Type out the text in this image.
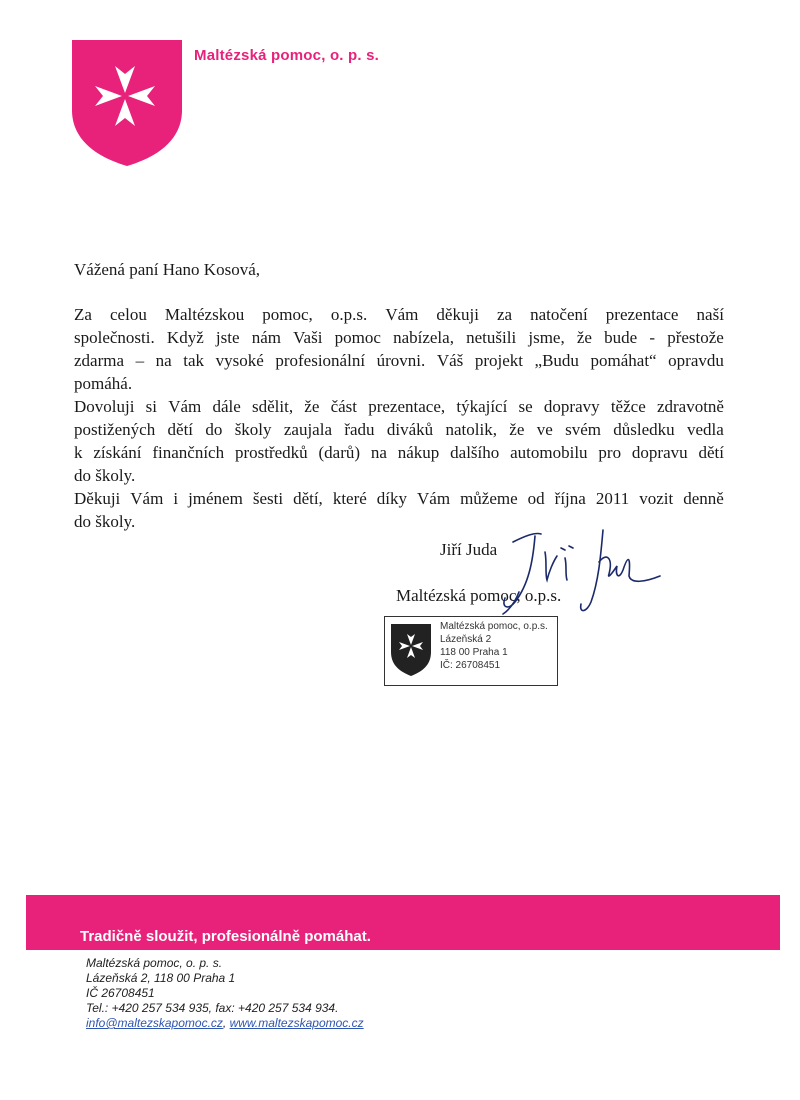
Maltézská pomoc, o. p. s.
Vážená paní Hano Kosová,
Za celou Maltézskou pomoc, o.p.s. Vám děkuji za natočení prezentace naší
společnosti. Když jste nám Vaši pomoc nabízela, netušili jsme, že bude - přestože
zdarma – na tak vysoké profesionální úrovni. Váš projekt „Budu pomáhat“ opravdu
pomáhá.
Dovoluji si Vám dále sdělit, že část prezentace, týkající se dopravy těžce zdravotně
postižených dětí do školy zaujala řadu diváků natolik, že ve svém důsledku vedla
k získání finančních prostředků (darů) na nákup dalšího automobilu pro dopravu dětí
do školy.
Děkuji Vám i jménem šesti dětí, které díky Vám můžeme od října 2011 vozit denně
do školy.
Jiří Juda
Maltézská pomoc, o.p.s.
Maltézská pomoc, o.p.s.
Lázeňská 2
118 00 Praha 1
IČ: 26708451
Tradičně sloužit, profesionálně pomáhat.
Maltézská pomoc, o. p. s.
Lázeňská 2, 118 00 Praha 1
IČ 26708451
Tel.: +420 257 534 935, fax: +420 257 534 934.
info@maltezskapomoc.cz, www.maltezskapomoc.cz
